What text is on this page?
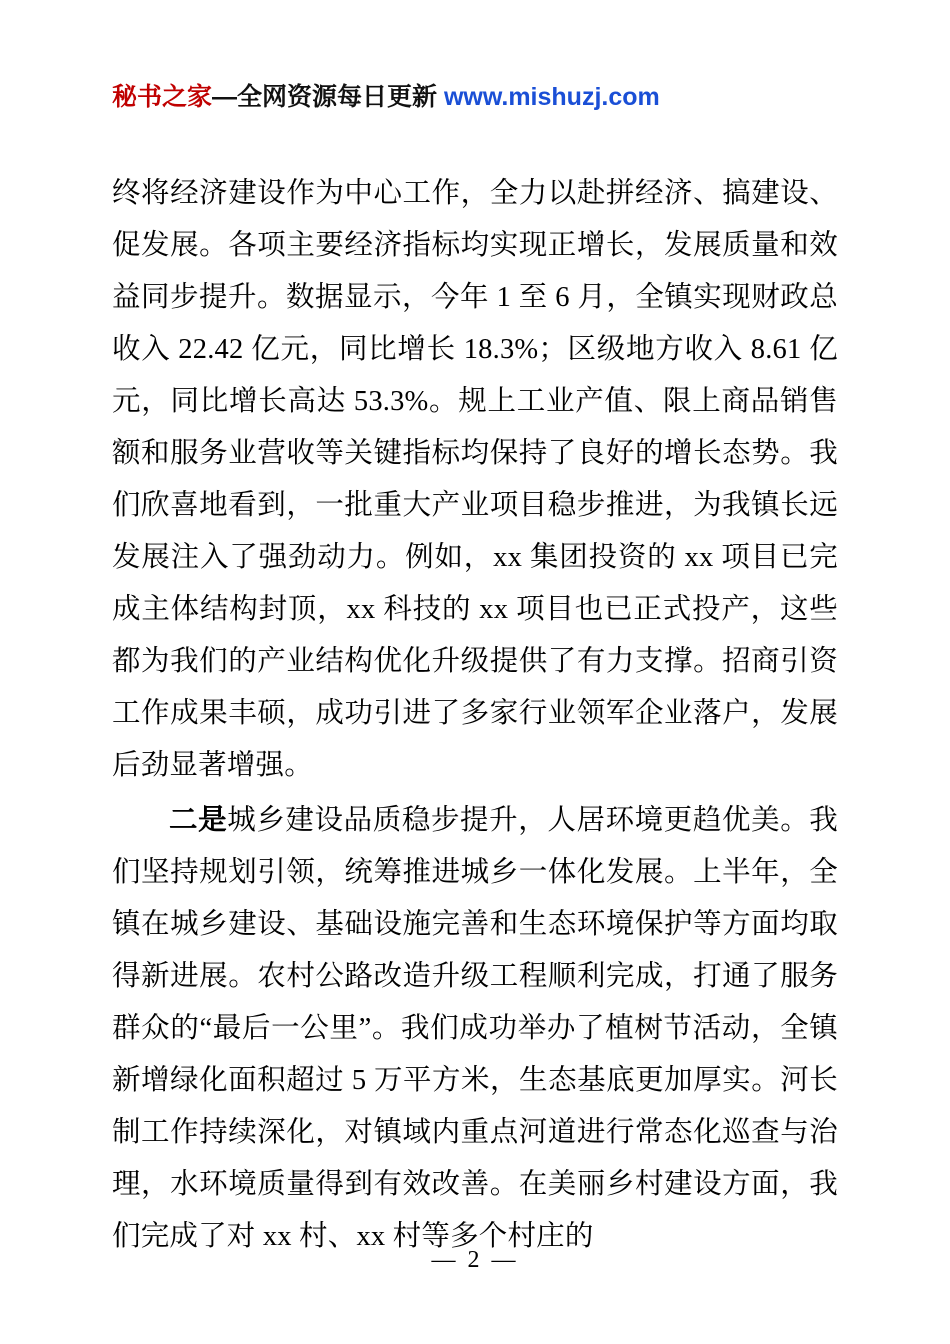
秘书之家—全网资源每日更新 www.mishuzj.com

终将经济建设作为中心工作，全力以赴拼经济、搞建设、促发展。各项主要经济指标均实现正增长，发展质量和效益同步提升。数据显示，今年 1 至 6 月，全镇实现财政总收入 22.42 亿元，同比增长 18.3%；区级地方收入 8.61 亿元，同比增长高达 53.3%。规上工业产值、限上商品销售额和服务业营收等关键指标均保持了良好的增长态势。我们欣喜地看到，一批重大产业项目稳步推进，为我镇长远发展注入了强劲动力。例如，xx 集团投资的 xx 项目已完成主体结构封顶，xx 科技的 xx 项目也已正式投产，这些都为我们的产业结构优化升级提供了有力支撑。招商引资工作成果丰硕，成功引进了多家行业领军企业落户，发展后劲显著增强。

二是城乡建设品质稳步提升，人居环境更趋优美。我们坚持规划引领，统筹推进城乡一体化发展。上半年，全镇在城乡建设、基础设施完善和生态环境保护等方面均取得新进展。农村公路改造升级工程顺利完成，打通了服务群众的“最后一公里”。我们成功举办了植树节活动，全镇新增绿化面积超过 5 万平方米，生态基底更加厚实。河长制工作持续深化，对镇域内重点河道进行常态化巡查与治理，水环境质量得到有效改善。在美丽乡村建设方面，我们完成了对 xx 村、xx 村等多个村庄的

— 2 —
